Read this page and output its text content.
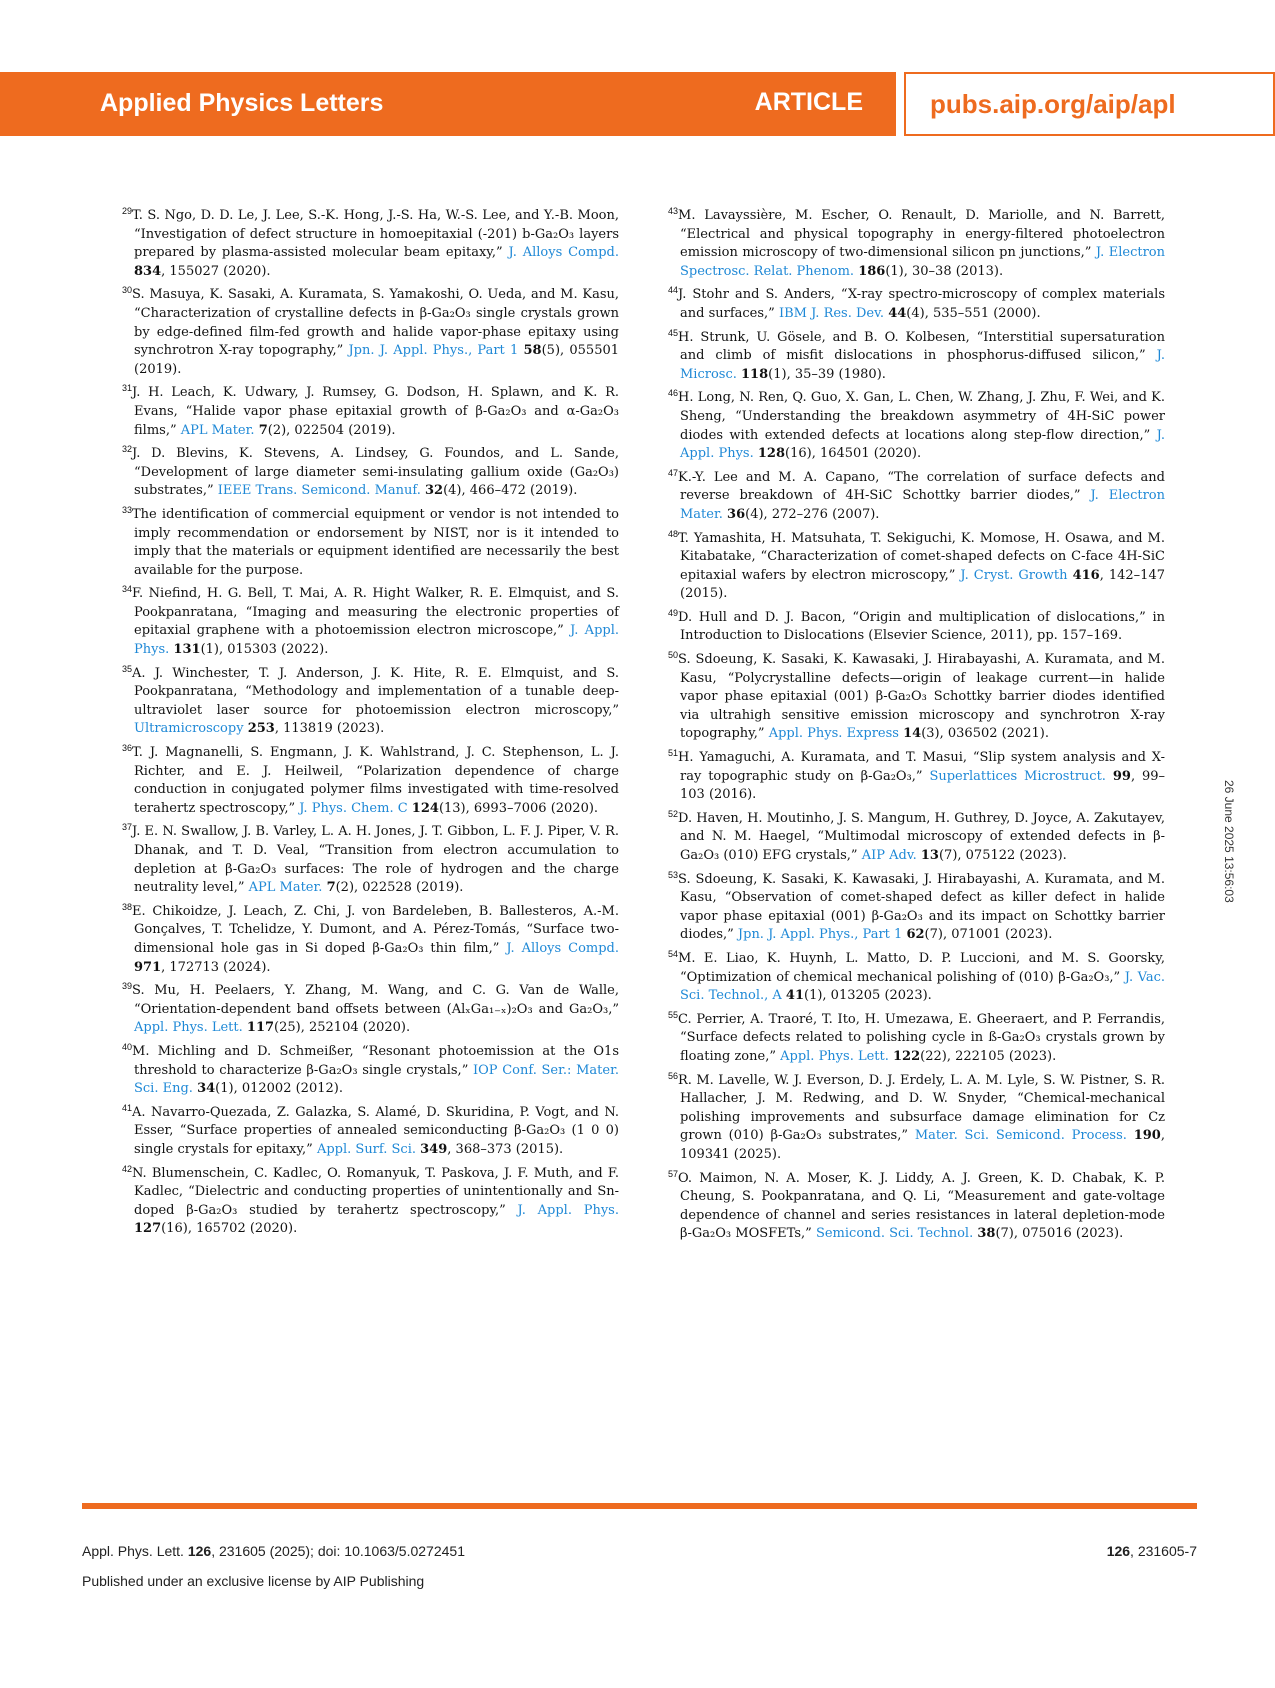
Applied Physics Letters	ARTICLE	pubs.aip.org/aip/apl
$^{29}$T. S. Ngo, D. D. Le, J. Lee, S.-K. Hong, J.-S. Ha, W.-S. Lee, and Y.-B. Moon, “Investigation of defect structure in homoepitaxial (-201) b-Ga₂O₃ layers prepared by plasma-assisted molecular beam epitaxy,” J. Alloys Compd. 834, 155027 (2020).
$^{30}$S. Masuya, K. Sasaki, A. Kuramata, S. Yamakoshi, O. Ueda, and M. Kasu, “Characterization of crystalline defects in β-Ga₂O₃ single crystals grown by edge-defined film-fed growth and halide vapor-phase epitaxy using synchrotron X-ray topography,” Jpn. J. Appl. Phys., Part 1 58(5), 055501 (2019).
$^{31}$J. H. Leach, K. Udwary, J. Rumsey, G. Dodson, H. Splawn, and K. R. Evans, “Halide vapor phase epitaxial growth of β-Ga₂O₃ and α-Ga₂O₃ films,” APL Mater. 7(2), 022504 (2019).
$^{32}$J. D. Blevins, K. Stevens, A. Lindsey, G. Foundos, and L. Sande, “Development of large diameter semi-insulating gallium oxide (Ga₂O₃) substrates,” IEEE Trans. Semicond. Manuf. 32(4), 466–472 (2019).
$^{33}$The identification of commercial equipment or vendor is not intended to imply recommendation or endorsement by NIST, nor is it intended to imply that the materials or equipment identified are necessarily the best available for the purpose.
$^{34}$F. Niefind, H. G. Bell, T. Mai, A. R. Hight Walker, R. E. Elmquist, and S. Pookpanratana, “Imaging and measuring the electronic properties of epitaxial graphene with a photoemission electron microscope,” J. Appl. Phys. 131(1), 015303 (2022).
$^{35}$A. J. Winchester, T. J. Anderson, J. K. Hite, R. E. Elmquist, and S. Pookpanratana, “Methodology and implementation of a tunable deep-ultraviolet laser source for photoemission electron microscopy,” Ultramicroscopy 253, 113819 (2023).
$^{36}$T. J. Magnanelli, S. Engmann, J. K. Wahlstrand, J. C. Stephenson, L. J. Richter, and E. J. Heilweil, “Polarization dependence of charge conduction in conjugated polymer films investigated with time-resolved terahertz spectroscopy,” J. Phys. Chem. C 124(13), 6993–7006 (2020).
$^{37}$J. E. N. Swallow, J. B. Varley, L. A. H. Jones, J. T. Gibbon, L. F. J. Piper, V. R. Dhanak, and T. D. Veal, “Transition from electron accumulation to depletion at β-Ga₂O₃ surfaces: The role of hydrogen and the charge neutrality level,” APL Mater. 7(2), 022528 (2019).
$^{38}$E. Chikoidze, J. Leach, Z. Chi, J. von Bardeleben, B. Ballesteros, A.-M. Gonçalves, T. Tchelidze, Y. Dumont, and A. Pérez-Tomás, “Surface two-dimensional hole gas in Si doped β-Ga₂O₃ thin film,” J. Alloys Compd. 971, 172713 (2024).
$^{39}$S. Mu, H. Peelaers, Y. Zhang, M. Wang, and C. G. Van de Walle, “Orientation-dependent band offsets between (AlₓGa₁₋ₓ)₂O₃ and Ga₂O₃,” Appl. Phys. Lett. 117(25), 252104 (2020).
$^{40}$M. Michling and D. Schmeißer, “Resonant photoemission at the O1s threshold to characterize β-Ga₂O₃ single crystals,” IOP Conf. Ser.: Mater. Sci. Eng. 34(1), 012002 (2012).
$^{41}$A. Navarro-Quezada, Z. Galazka, S. Alamé, D. Skuridina, P. Vogt, and N. Esser, “Surface properties of annealed semiconducting β-Ga₂O₃ (1 0 0) single crystals for epitaxy,” Appl. Surf. Sci. 349, 368–373 (2015).
$^{42}$N. Blumenschein, C. Kadlec, O. Romanyuk, T. Paskova, J. F. Muth, and F. Kadlec, “Dielectric and conducting properties of unintentionally and Sn-doped β-Ga₂O₃ studied by terahertz spectroscopy,” J. Appl. Phys. 127(16), 165702 (2020).
$^{43}$M. Lavayssière, M. Escher, O. Renault, D. Mariolle, and N. Barrett, “Electrical and physical topography in energy-filtered photoelectron emission microscopy of two-dimensional silicon pn junctions,” J. Electron Spectrosc. Relat. Phenom. 186(1), 30–38 (2013).
$^{44}$J. Stohr and S. Anders, “X-ray spectro-microscopy of complex materials and surfaces,” IBM J. Res. Dev. 44(4), 535–551 (2000).
$^{45}$H. Strunk, U. Gösele, and B. O. Kolbesen, “Interstitial supersaturation and climb of misfit dislocations in phosphorus-diffused silicon,” J. Microsc. 118(1), 35–39 (1980).
$^{46}$H. Long, N. Ren, Q. Guo, X. Gan, L. Chen, W. Zhang, J. Zhu, F. Wei, and K. Sheng, “Understanding the breakdown asymmetry of 4H-SiC power diodes with extended defects at locations along step-flow direction,” J. Appl. Phys. 128(16), 164501 (2020).
$^{47}$K.-Y. Lee and M. A. Capano, “The correlation of surface defects and reverse breakdown of 4H-SiC Schottky barrier diodes,” J. Electron Mater. 36(4), 272–276 (2007).
$^{48}$T. Yamashita, H. Matsuhata, T. Sekiguchi, K. Momose, H. Osawa, and M. Kitabatake, “Characterization of comet-shaped defects on C-face 4H-SiC epitaxial wafers by electron microscopy,” J. Cryst. Growth 416, 142–147 (2015).
$^{49}$D. Hull and D. J. Bacon, “Origin and multiplication of dislocations,” in Introduction to Dislocations (Elsevier Science, 2011), pp. 157–169.
$^{50}$S. Sdoeung, K. Sasaki, K. Kawasaki, J. Hirabayashi, A. Kuramata, and M. Kasu, “Polycrystalline defects—origin of leakage current—in halide vapor phase epitaxial (001) β-Ga₂O₃ Schottky barrier diodes identified via ultrahigh sensitive emission microscopy and synchrotron X-ray topography,” Appl. Phys. Express 14(3), 036502 (2021).
$^{51}$H. Yamaguchi, A. Kuramata, and T. Masui, “Slip system analysis and X-ray topographic study on β-Ga₂O₃,” Superlattices Microstruct. 99, 99–103 (2016).
$^{52}$D. Haven, H. Moutinho, J. S. Mangum, H. Guthrey, D. Joyce, A. Zakutayev, and N. M. Haegel, “Multimodal microscopy of extended defects in β-Ga₂O₃ (010) EFG crystals,” AIP Adv. 13(7), 075122 (2023).
$^{53}$S. Sdoeung, K. Sasaki, K. Kawasaki, J. Hirabayashi, A. Kuramata, and M. Kasu, “Observation of comet-shaped defect as killer defect in halide vapor phase epitaxial (001) β-Ga₂O₃ and its impact on Schottky barrier diodes,” Jpn. J. Appl. Phys., Part 1 62(7), 071001 (2023).
$^{54}$M. E. Liao, K. Huynh, L. Matto, D. P. Luccioni, and M. S. Goorsky, “Optimization of chemical mechanical polishing of (010) β-Ga₂O₃,” J. Vac. Sci. Technol., A 41(1), 013205 (2023).
$^{55}$C. Perrier, A. Traoré, T. Ito, H. Umezawa, E. Gheeraert, and P. Ferrandis, “Surface defects related to polishing cycle in ß-Ga₂O₃ crystals grown by floating zone,” Appl. Phys. Lett. 122(22), 222105 (2023).
$^{56}$R. M. Lavelle, W. J. Everson, D. J. Erdely, L. A. M. Lyle, S. W. Pistner, S. R. Hallacher, J. M. Redwing, and D. W. Snyder, “Chemical-mechanical polishing improvements and subsurface damage elimination for Cz grown (010) β-Ga₂O₃ substrates,” Mater. Sci. Semicond. Process. 190, 109341 (2025).
$^{57}$O. Maimon, N. A. Moser, K. J. Liddy, A. J. Green, K. D. Chabak, K. P. Cheung, S. Pookpanratana, and Q. Li, “Measurement and gate-voltage dependence of channel and series resistances in lateral depletion-mode β-Ga₂O₃ MOSFETs,” Semicond. Sci. Technol. 38(7), 075016 (2023).
26 June 2025 13:56:03
Appl. Phys. Lett. 126, 231605 (2025); doi: 10.1063/5.0272451
Published under an exclusive license by AIP Publishing
126, 231605-7
